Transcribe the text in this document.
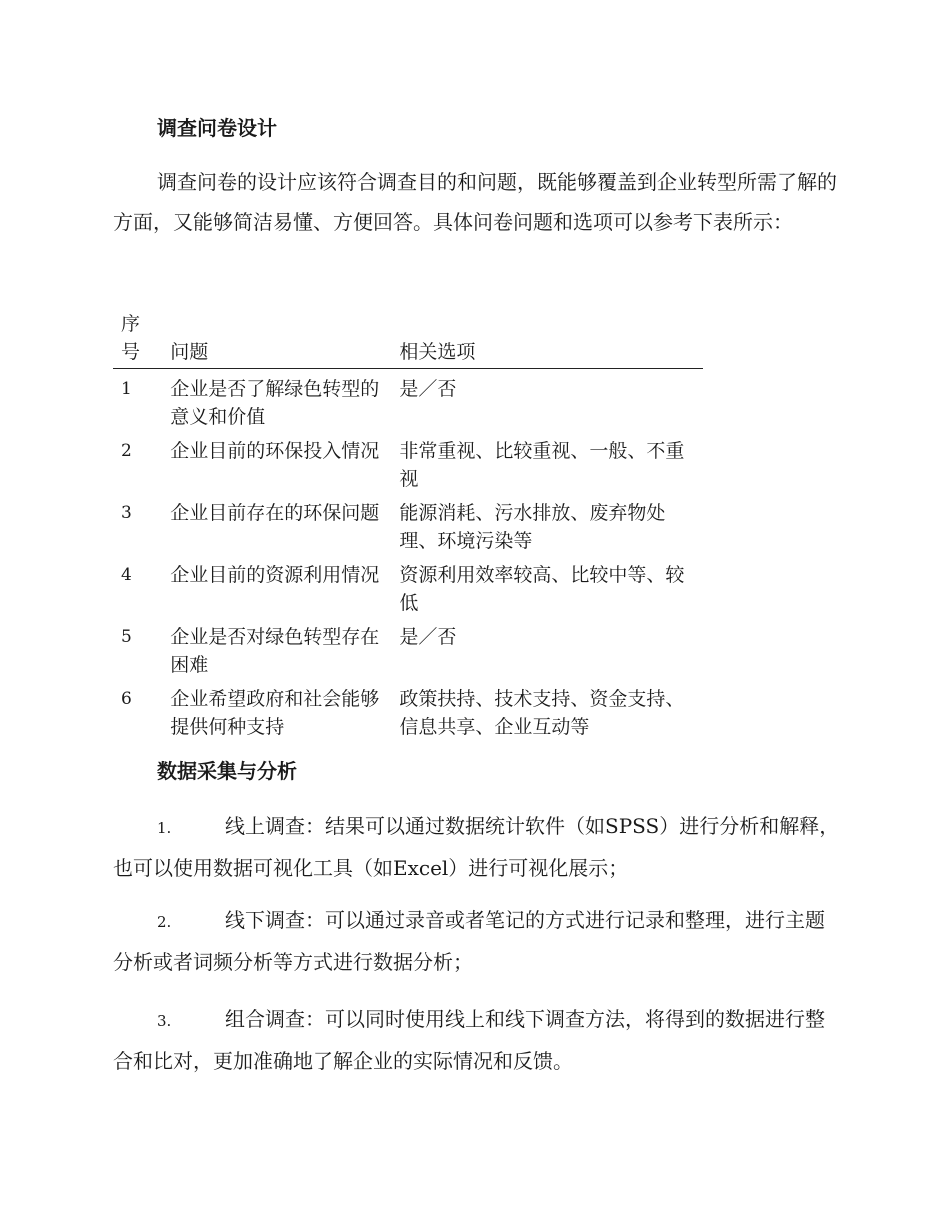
调查问卷设计

调查问卷的设计应该符合调查目的和问题，既能够覆盖到企业转型所需了解的方面，又能够简洁易懂、方便回答。具体问卷问题和选项可以参考下表所示：

序
号	问题	相关选项
1	企业是否了解绿色转型的意义和价值	是／否
2	企业目前的环保投入情况	非常重视、比较重视、一般、不重视
3	企业目前存在的环保问题	能源消耗、污水排放、废弃物处理、环境污染等
4	企业目前的资源利用情况	资源利用效率较高、比较中等、较低
5	企业是否对绿色转型存在困难	是／否
6	企业希望政府和社会能够提供何种支持	政策扶持、技术支持、资金支持、信息共享、企业互动等
数据采集与分析

1.	线上调查：结果可以通过数据统计软件（如SPSS）进行分析和解释，也可以使用数据可视化工具（如Excel）进行可视化展示；

2.	线下调查：可以通过录音或者笔记的方式进行记录和整理，进行主题分析或者词频分析等方式进行数据分析；

3.	组合调查：可以同时使用线上和线下调查方法，将得到的数据进行整合和比对，更加准确地了解企业的实际情况和反馈。
